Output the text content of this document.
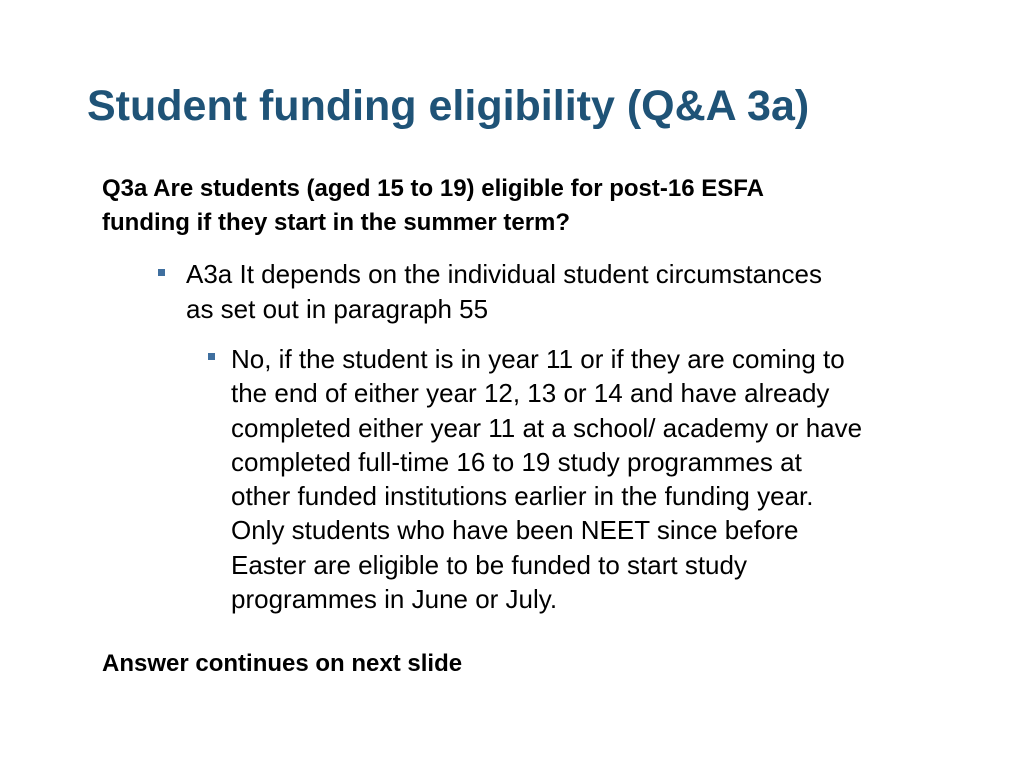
Student funding eligibility (Q&A 3a)
Q3a Are students (aged 15 to 19) eligible for post-16 ESFA
funding if they start in the summer term?
A3a It depends on the individual student circumstances
as set out in paragraph 55
No, if the student is in year 11 or if they are coming to
the end of either year 12, 13 or 14 and have already
completed either year 11 at a school/ academy or have
completed full-time 16 to 19 study programmes at
other funded institutions earlier in the funding year.
Only students who have been NEET since before
Easter are eligible to be funded to start study
programmes in June or July.

Answer continues on next slide
